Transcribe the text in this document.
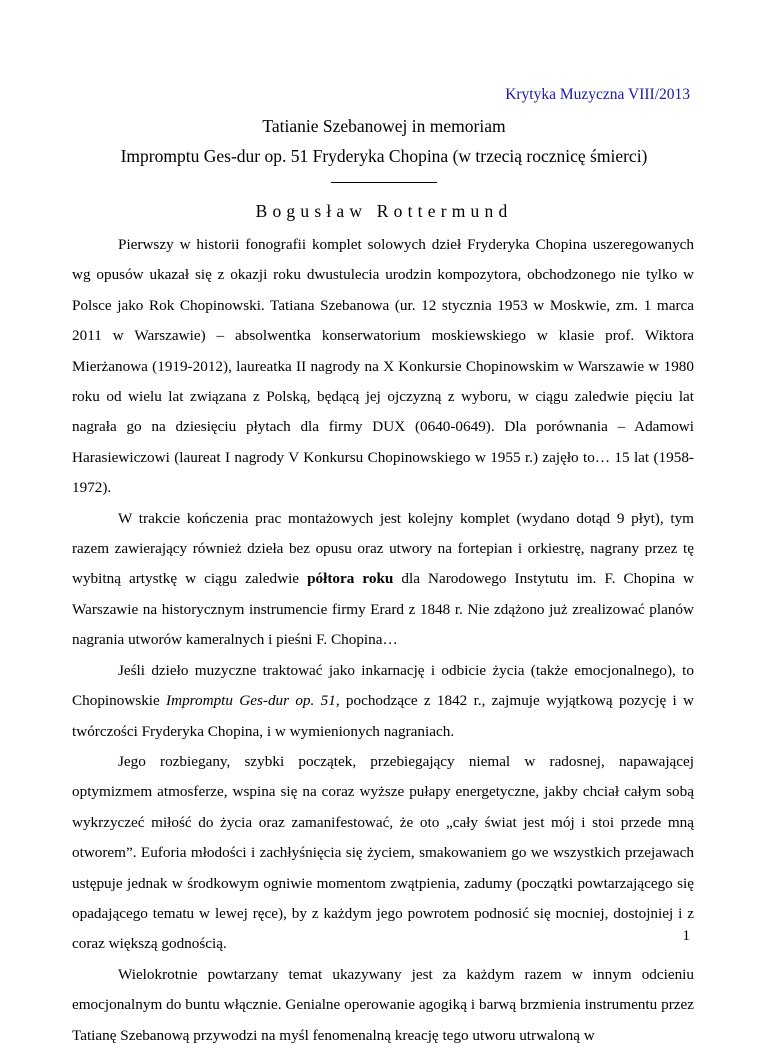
Krytyka Muzyczna VIII/2013
Tatianie Szebanowej in memoriam
Impromptu Ges-dur op. 51 Fryderyka Chopina (w trzecią rocznicę śmierci)
Bogusław Rottermund

Pierwszy w historii fonografii komplet solowych dzieł Fryderyka Chopina uszeregowanych wg opusów ukazał się z okazji roku dwustulecia urodzin kompozytora, obchodzonego nie tylko w Polsce jako Rok Chopinowski. Tatiana Szebanowa (ur. 12 stycznia 1953 w Moskwie, zm. 1 marca 2011 w Warszawie) – absolwentka konserwatorium moskiewskiego w klasie prof. Wiktora Mierżanowa (1919-2012), laureatka II nagrody na X Konkursie Chopinowskim w Warszawie w 1980 roku od wielu lat związana z Polską, będącą jej ojczyzną z wyboru, w ciągu zaledwie pięciu lat nagrała go na dziesięciu płytach dla firmy DUX (0640-0649). Dla porównania – Adamowi Harasiewiczowi (laureat I nagrody V Konkursu Chopinowskiego w 1955 r.) zajęło to… 15 lat (1958-1972).

W trakcie kończenia prac montażowych jest kolejny komplet (wydano dotąd 9 płyt), tym razem zawierający również dzieła bez opusu oraz utwory na fortepian i orkiestrę, nagrany przez tę wybitną artystkę w ciągu zaledwie półtora roku dla Narodowego Instytutu im. F. Chopina w Warszawie na historycznym instrumencie firmy Erard z 1848 r. Nie zdążono już zrealizować planów nagrania utworów kameralnych i pieśni F. Chopina…

Jeśli dzieło muzyczne traktować jako inkarnację i odbicie życia (także emocjonalnego), to Chopinowskie Impromptu Ges-dur op. 51, pochodzące z 1842 r., zajmuje wyjątkową pozycję i w twórczości Fryderyka Chopina, i w wymienionych nagraniach.

Jego rozbiegany, szybki początek, przebiegający niemal w radosnej, napawającej optymizmem atmosferze, wspina się na coraz wyższe pułapy energetyczne, jakby chciał całym sobą wykrzyczeć miłość do życia oraz zamanifestować, że oto „cały świat jest mój i stoi przede mną otworem”. Euforia młodości i zachłyśnięcia się życiem, smakowaniem go we wszystkich przejawach ustępuje jednak w środkowym ogniwie momentom zwątpienia, zadumy (początki powtarzającego się opadającego tematu w lewej ręce), by z każdym jego powrotem podnosić się mocniej, dostojniej i z coraz większą godnością.

Wielokrotnie powtarzany temat ukazywany jest za każdym razem w innym odcieniu emocjonalnym do buntu włącznie. Genialne operowanie agogiką i barwą brzmienia instrumentu przez Tatianę Szebanową przywodzi na myśl fenomenalną kreację tego utworu utrwaloną w

1
